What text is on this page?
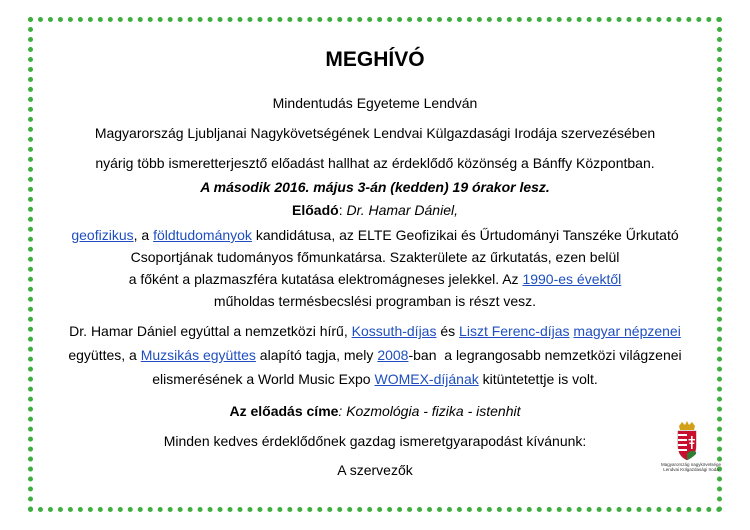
MEGHÍVÓ
Mindentudás Egyeteme Lendván
Magyarország Ljubljanai Nagykövetségének Lendvai Külgazdasági Irodája szervezésében
nyárig több ismeretterjesztő előadást hallhat az érdeklődő közönség a Bánffy Központban.
A második 2016. május 3-án (kedden) 19 órakor lesz.
Előadó: Dr. Hamar Dániel,
geofizikus, a földtudományok kandidátusa, az ELTE Geofizikai és Űrtudományi Tanszéke Űrkutató
Csoportjának tudományos főmunkatársa. Szakterülete az űrkutatás, ezen belül
a főként a plazmaszféra kutatása elektromágneses jelekkel. Az 1990-es évektől
műholdas termésbecslési programban is részt vesz.
Dr. Hamar Dániel egyúttal a nemzetközi hírű, Kossuth-díjas és Liszt Ferenc-díjas magyar népzenei
együttes, a Muzsikás együttes alapító tagja, mely 2008-ban  a legrangosabb nemzetközi világzenei
elismerésének a World Music Expo WOMEX-díjának kitüntetettje is volt.
Az előadás címe: Kozmológia - fizika - istenhit
Minden kedves érdeklődőnek gazdag ismeretgyarapodást kívánunk:
A szervezők	Magyarország nagykövetsége
Lendvai Külgazdasági Iroda
